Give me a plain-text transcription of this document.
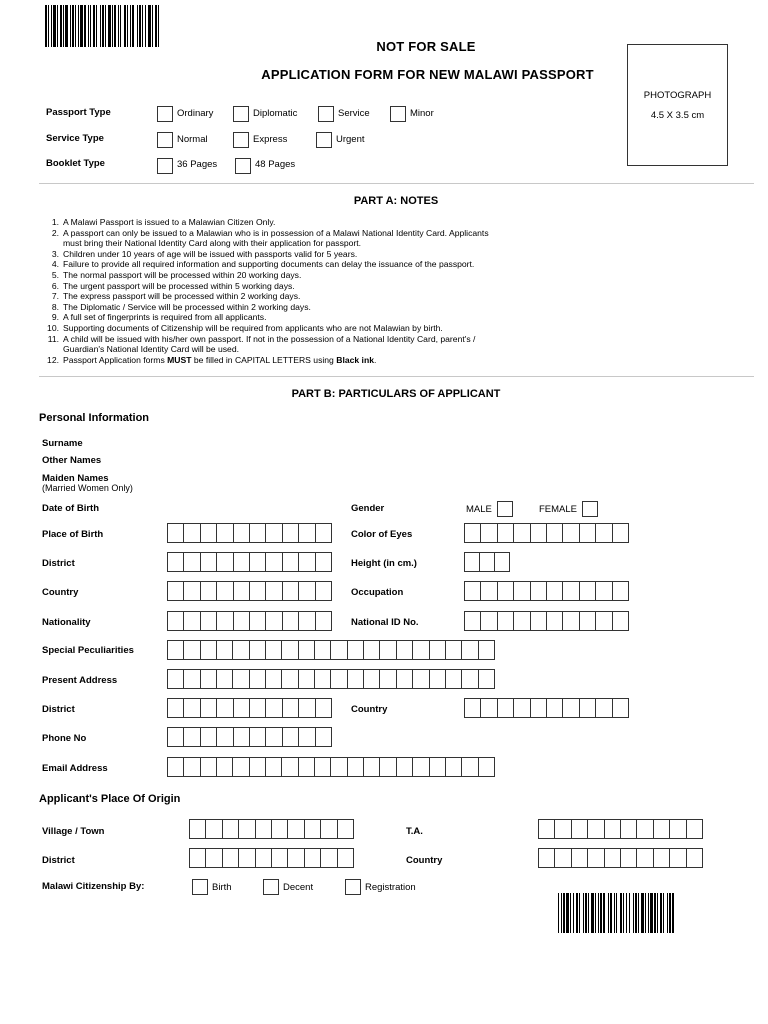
NOT FOR SALE
APPLICATION FORM FOR NEW MALAWI PASSPORT
PHOTOGRAPH
4.5 X 3.5 cm
Passport Type	Ordinary	Diplomatic	Service	Minor
Service Type	Normal	Express	Urgent
Booklet Type	36 Pages	48 Pages
PART A: NOTES
1. A Malawi Passport is issued to a Malawian Citizen Only.
2. A passport can only be issued to a Malawian who is in possession of a Malawi National Identity Card. Applicants
must bring their National Identity Card along with their application for passport.
3. Children under 10 years of age will be issued with passports valid for 5 years.
4. Failure to provide all required information and supporting documents can delay the issuance of the passport.
5. The normal passport will be processed within 20 working days.
6. The urgent passport will be processed within 5 working days.
7. The express passport will be processed within 2 working days.
8. The Diplomatic / Service will be processed within 2 working days.
9. A full set of fingerprints is required from all applicants.
10. Supporting documents of Citizenship will be required from applicants who are not Malawian by birth.
11. A child will be issued with his/her own passport. If not in the possession of a National Identity Card, parent's /
Guardian's National Identity Card will be used.
12. Passport Application forms MUST be filled in CAPITAL LETTERS using Black ink.
PART B: PARTICULARS OF APPLICANT
Personal Information
Surname
Other Names
Maiden Names
(Married Women Only)
Date of Birth	Gender	MALE	FEMALE
Place of Birth	Color of Eyes
District	Height (in cm.)
Country	Occupation
Nationality	National ID No.
Special Peculiarities
Present Address
District	Country
Phone No
Email Address
Applicant's Place Of Origin
Village / Town	T.A.
District	Country
Malawi Citizenship By:	Birth	Decent	Registration
